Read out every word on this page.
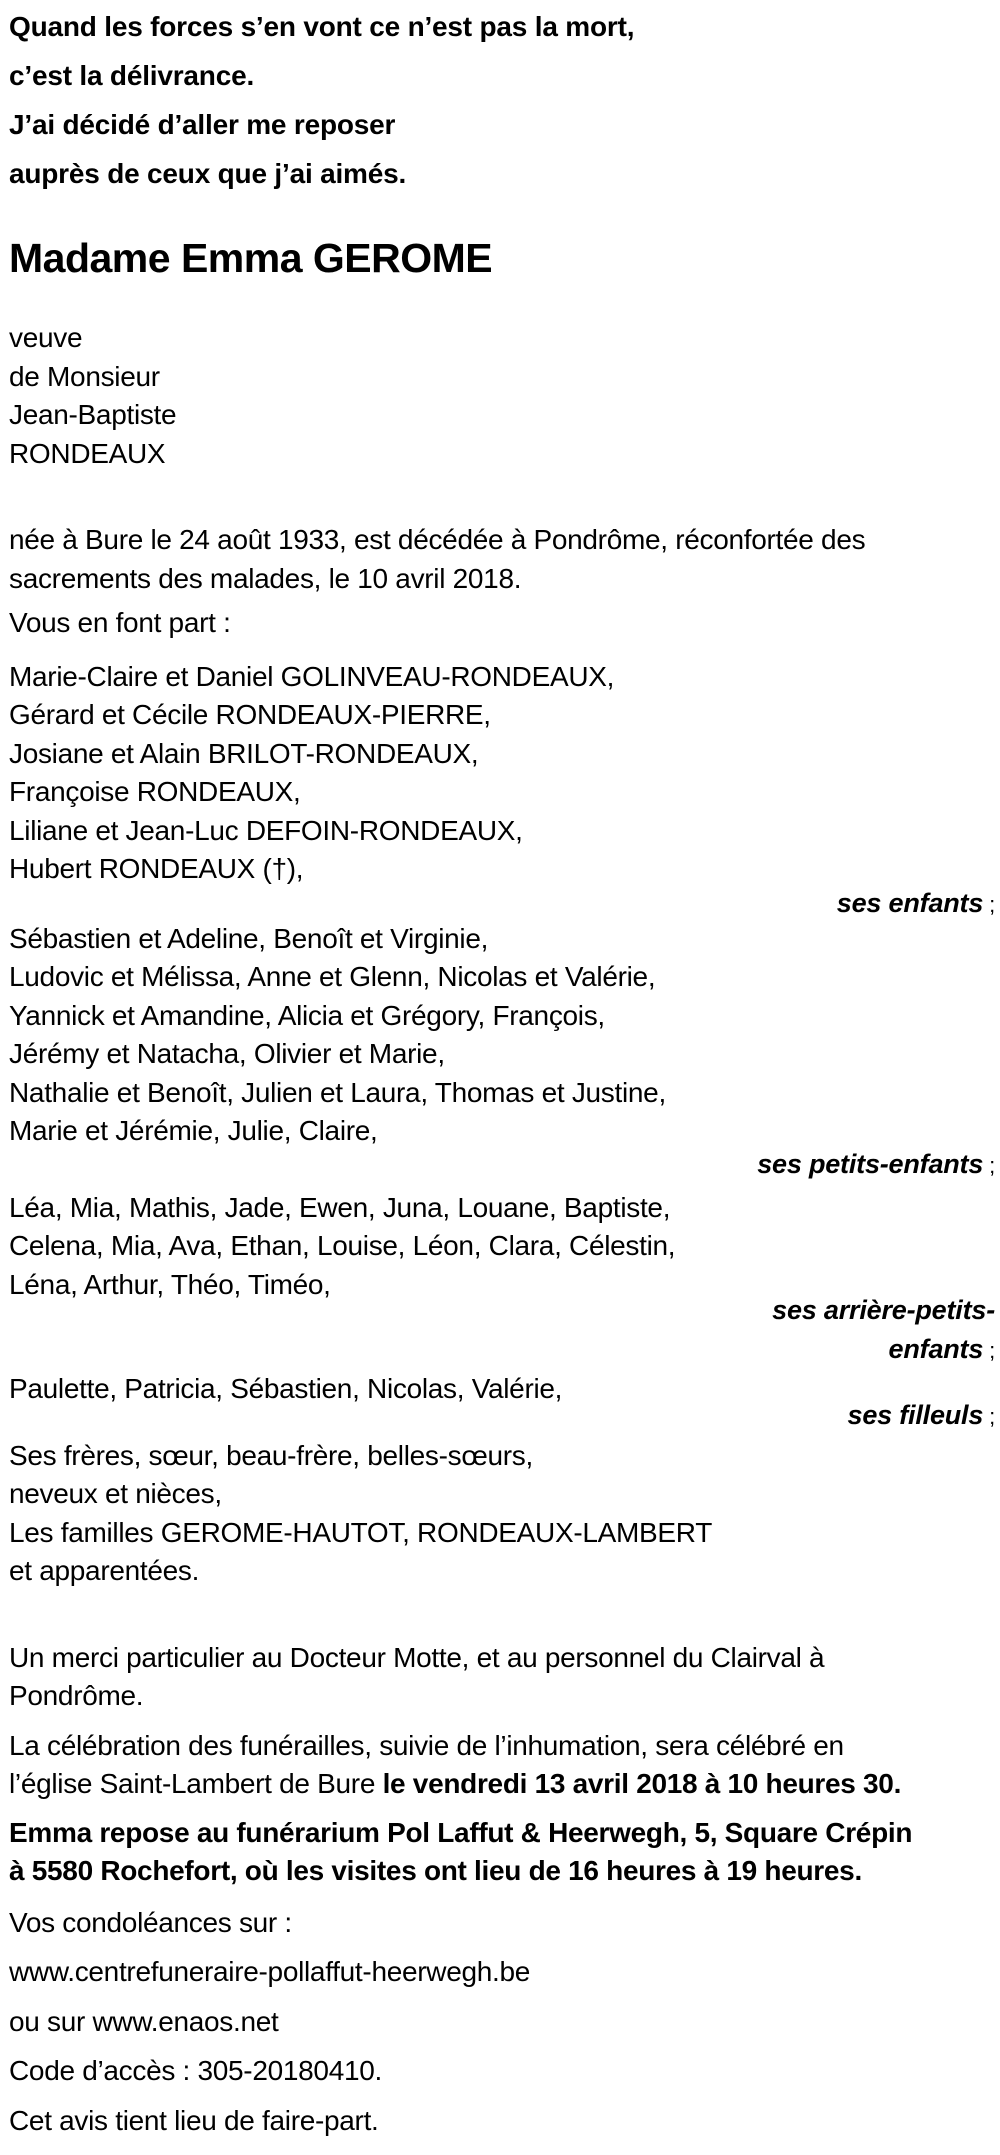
Quand les forces s’en vont ce n’est pas la mort,
c’est la délivrance.
J’ai décidé d’aller me reposer
auprès de ceux que j’ai aimés.
Madame Emma GEROME
veuve
de Monsieur
Jean-Baptiste
RONDEAUX
née à Bure le 24 août 1933, est décédée à Pondrôme, réconfortée des
sacrements des malades, le 10 avril 2018.
Vous en font part :
Marie-Claire et Daniel GOLINVEAU-RONDEAUX,
Gérard et Cécile RONDEAUX-PIERRE,
Josiane et Alain BRILOT-RONDEAUX,
Françoise RONDEAUX,
Liliane et Jean-Luc DEFOIN-RONDEAUX,
Hubert RONDEAUX (†),
ses enfants ;
Sébastien et Adeline, Benoît et Virginie,
Ludovic et Mélissa, Anne et Glenn, Nicolas et Valérie,
Yannick et Amandine, Alicia et Grégory, François,
Jérémy et Natacha, Olivier et Marie,
Nathalie et Benoît, Julien et Laura, Thomas et Justine,
Marie et Jérémie, Julie, Claire,
ses petits-enfants ;
Léa, Mia, Mathis, Jade, Ewen, Juna, Louane, Baptiste,
Celena, Mia, Ava, Ethan, Louise, Léon, Clara, Célestin,
Léna, Arthur, Théo, Timéo,
ses arrière-petits-
enfants ;
Paulette, Patricia, Sébastien, Nicolas, Valérie,
ses filleuls ;
Ses frères, sœur, beau-frère, belles-sœurs,
neveux et nièces,
Les familles GEROME-HAUTOT, RONDEAUX-LAMBERT
et apparentées.
Un merci particulier au Docteur Motte, et au personnel du Clairval à
Pondrôme.
La célébration des funérailles, suivie de l’inhumation, sera célébré en
l’église Saint-Lambert de Bure le vendredi 13 avril 2018 à 10 heures 30.
Emma repose au funérarium Pol Laffut & Heerwegh, 5, Square Crépin
à 5580 Rochefort, où les visites ont lieu de 16 heures à 19 heures.
Vos condoléances sur :
www.centrefuneraire-pollaffut-heerwegh.be
ou sur www.enaos.net
Code d’accès : 305-20180410.
Cet avis tient lieu de faire-part.
